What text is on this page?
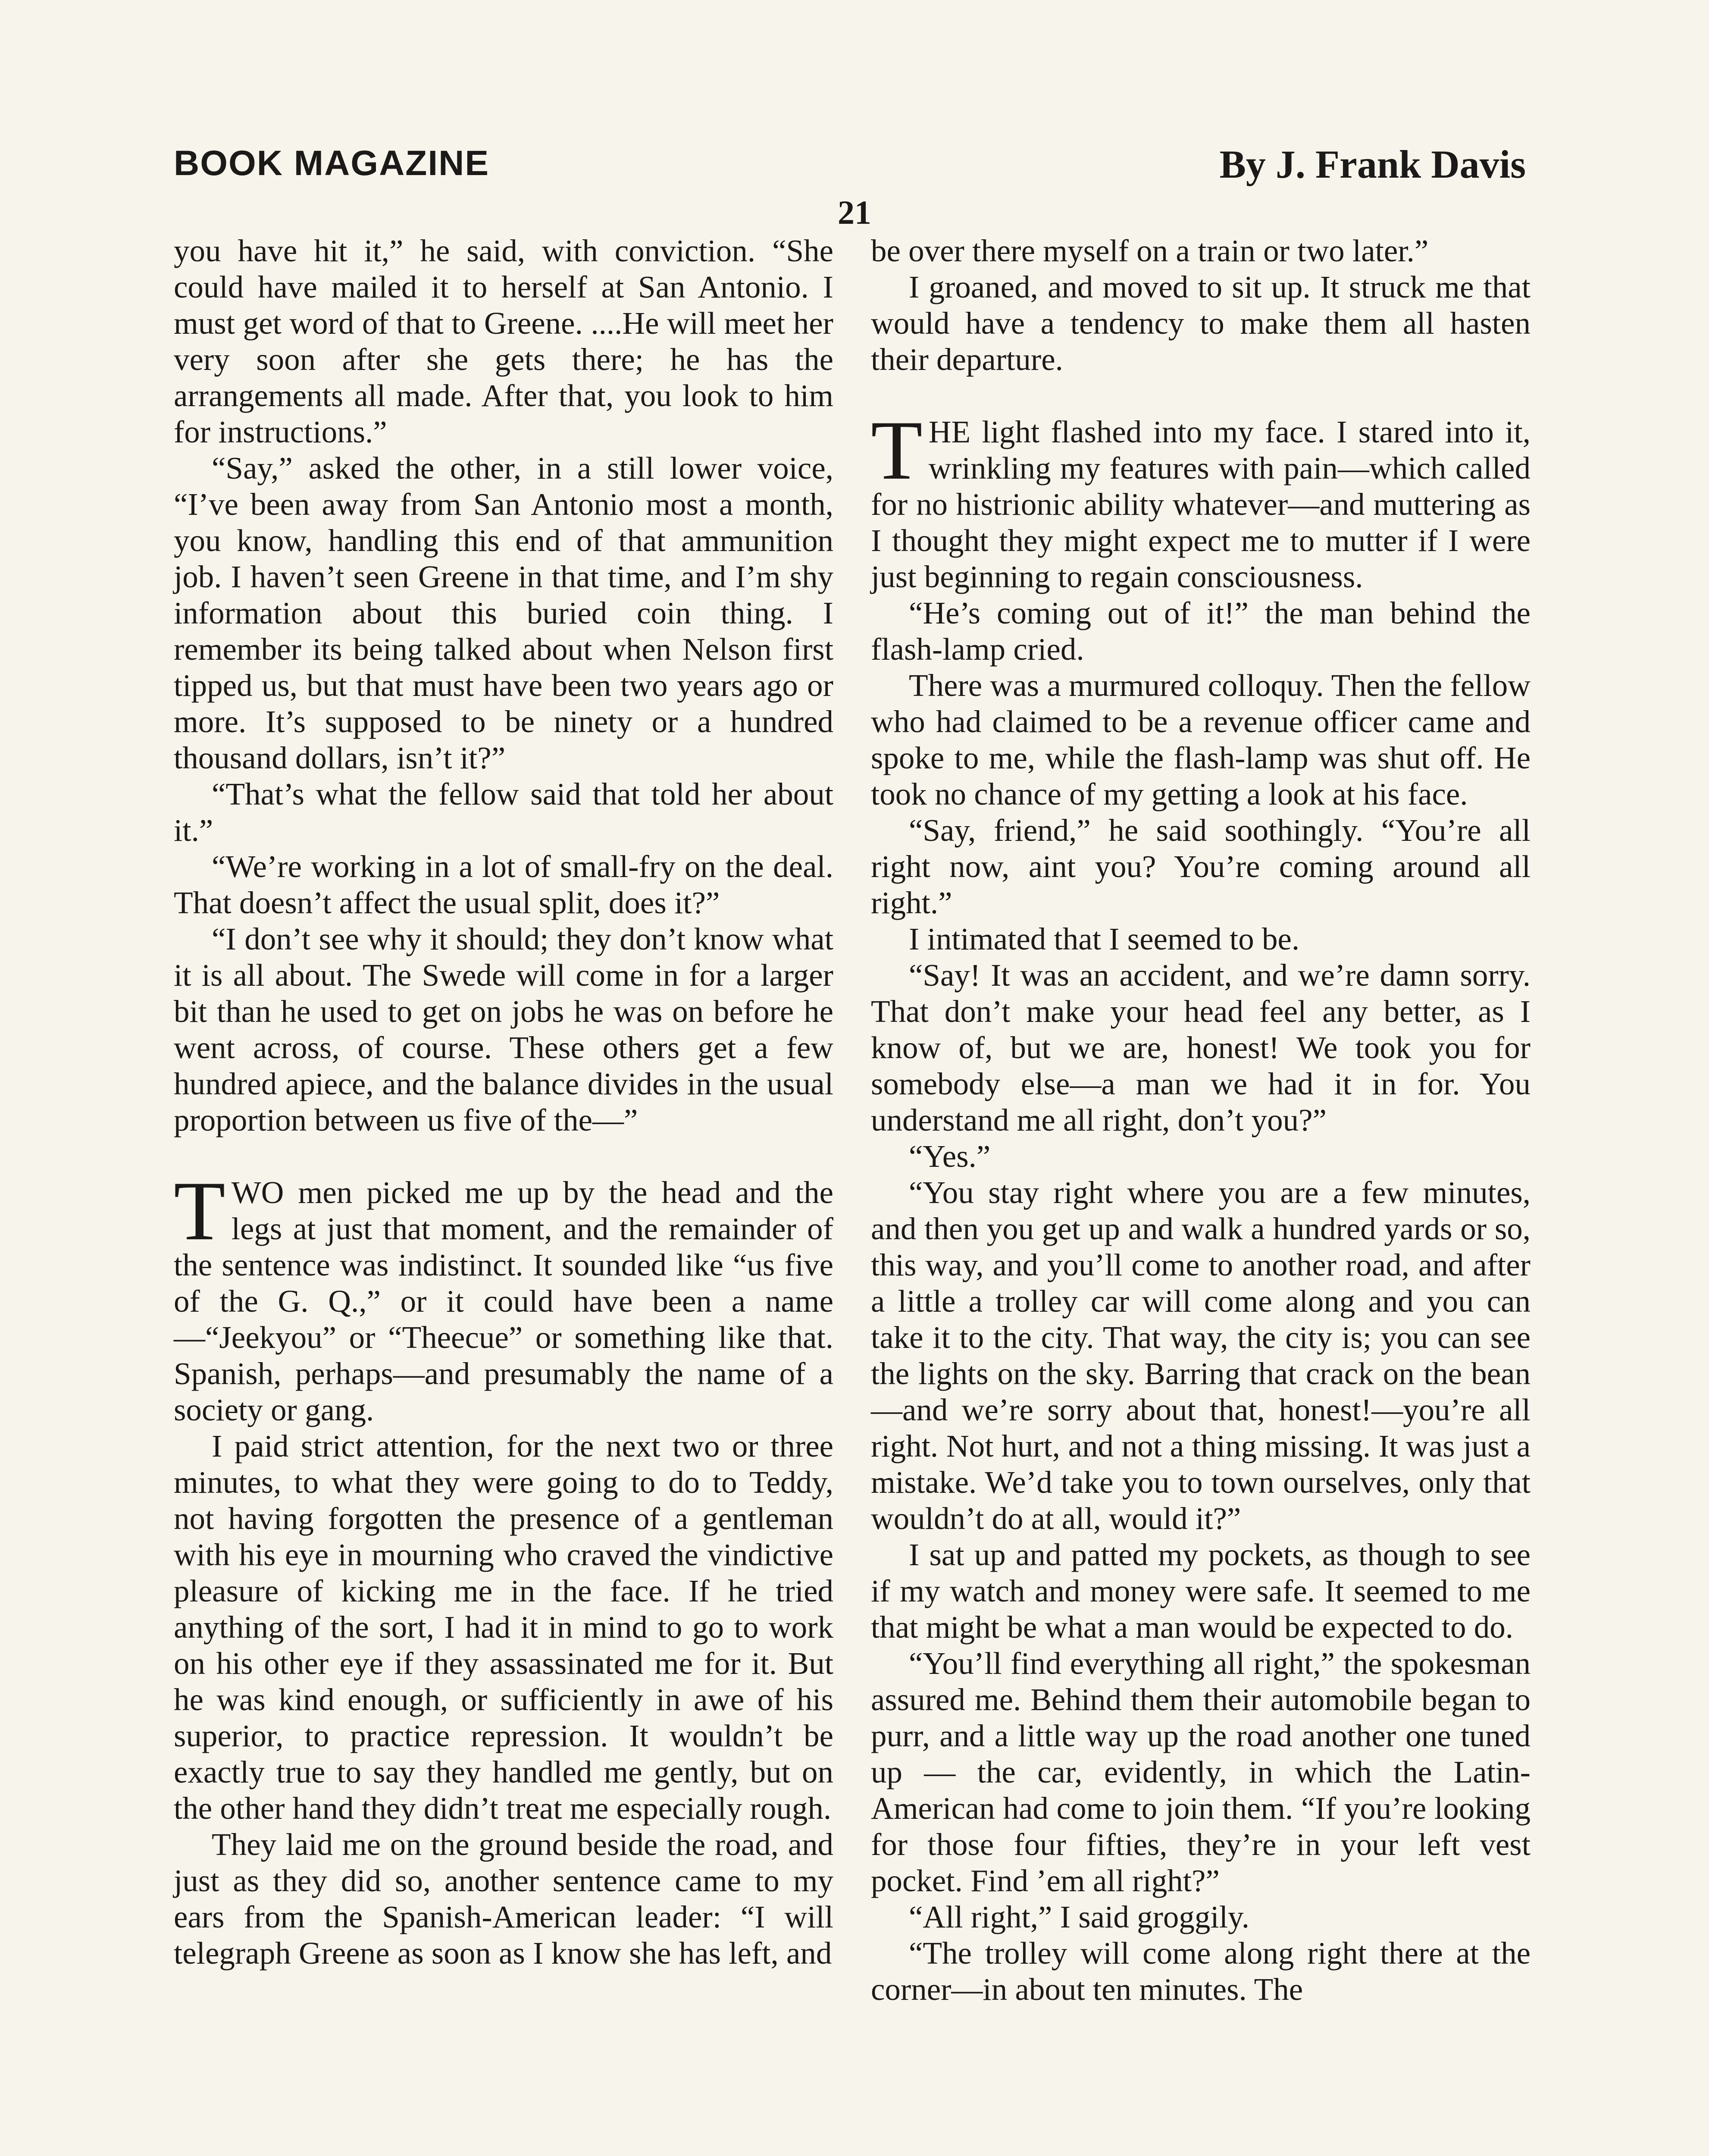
BOOK MAGAZINE	By J. Frank Davis
21

you have hit it,” he said, with conviction. “She could have mailed it to herself at San Antonio. I must get word of that to Greene. ....He will meet her very soon after she gets there; he has the arrangements all made. After that, you look to him for instructions.”

“Say,” asked the other, in a still lower voice, “I’ve been away from San Antonio most a month, you know, handling this end of that ammunition job. I haven’t seen Greene in that time, and I’m shy information about this buried coin thing. I remember its being talked about when Nelson first tipped us, but that must have been two years ago or more. It’s supposed to be ninety or a hundred thousand dollars, isn’t it?”

“That’s what the fellow said that told her about it.”

“We’re working in a lot of small-fry on the deal. That doesn’t affect the usual split, does it?”

“I don’t see why it should; they don’t know what it is all about. The Swede will come in for a larger bit than he used to get on jobs he was on before he went across, of course. These others get a few hundred apiece, and the balance divides in the usual proportion between us five of the—”

TWO men picked me up by the head and the legs at just that moment, and the remainder of the sentence was indistinct. It sounded like “us five of the G. Q.,” or it could have been a name—“Jeekyou” or “Theecue” or something like that. Spanish, perhaps—and presumably the name of a society or gang.

I paid strict attention, for the next two or three minutes, to what they were going to do to Teddy, not having forgotten the presence of a gentleman with his eye in mourning who craved the vindictive pleasure of kicking me in the face. If he tried anything of the sort, I had it in mind to go to work on his other eye if they assassinated me for it. But he was kind enough, or sufficiently in awe of his superior, to practice repression. It wouldn’t be exactly true to say they handled me gently, but on the other hand they didn’t treat me especially rough.

They laid me on the ground beside the road, and just as they did so, another sentence came to my ears from the Spanish-American leader: “I will telegraph Greene as soon as I know she has left, and

be over there myself on a train or two later.”

I groaned, and moved to sit up. It struck me that would have a tendency to make them all hasten their departure.

THE light flashed into my face. I stared into it, wrinkling my features with pain—which called for no histrionic ability whatever—and muttering as I thought they might expect me to mutter if I were just beginning to regain consciousness.

“He’s coming out of it!” the man behind the flash-lamp cried.

There was a murmured colloquy. Then the fellow who had claimed to be a revenue officer came and spoke to me, while the flash-lamp was shut off. He took no chance of my getting a look at his face.

“Say, friend,” he said soothingly. “You’re all right now, aint you? You’re coming around all right.”

I intimated that I seemed to be.

“Say! It was an accident, and we’re damn sorry. That don’t make your head feel any better, as I know of, but we are, honest! We took you for somebody else—a man we had it in for. You understand me all right, don’t you?”

“Yes.”

“You stay right where you are a few minutes, and then you get up and walk a hundred yards or so, this way, and you’ll come to another road, and after a little a trolley car will come along and you can take it to the city. That way, the city is; you can see the lights on the sky. Barring that crack on the bean—and we’re sorry about that, honest!—you’re all right. Not hurt, and not a thing missing. It was just a mistake. We’d take you to town ourselves, only that wouldn’t do at all, would it?”

I sat up and patted my pockets, as though to see if my watch and money were safe. It seemed to me that might be what a man would be expected to do.

“You’ll find everything all right,” the spokesman assured me. Behind them their automobile began to purr, and a little way up the road another one tuned up — the car, evidently, in which the Latin-American had come to join them. “If you’re looking for those four fifties, they’re in your left vest pocket. Find ’em all right?”

“All right,” I said groggily.

“The trolley will come along right there at the corner—in about ten minutes. The
